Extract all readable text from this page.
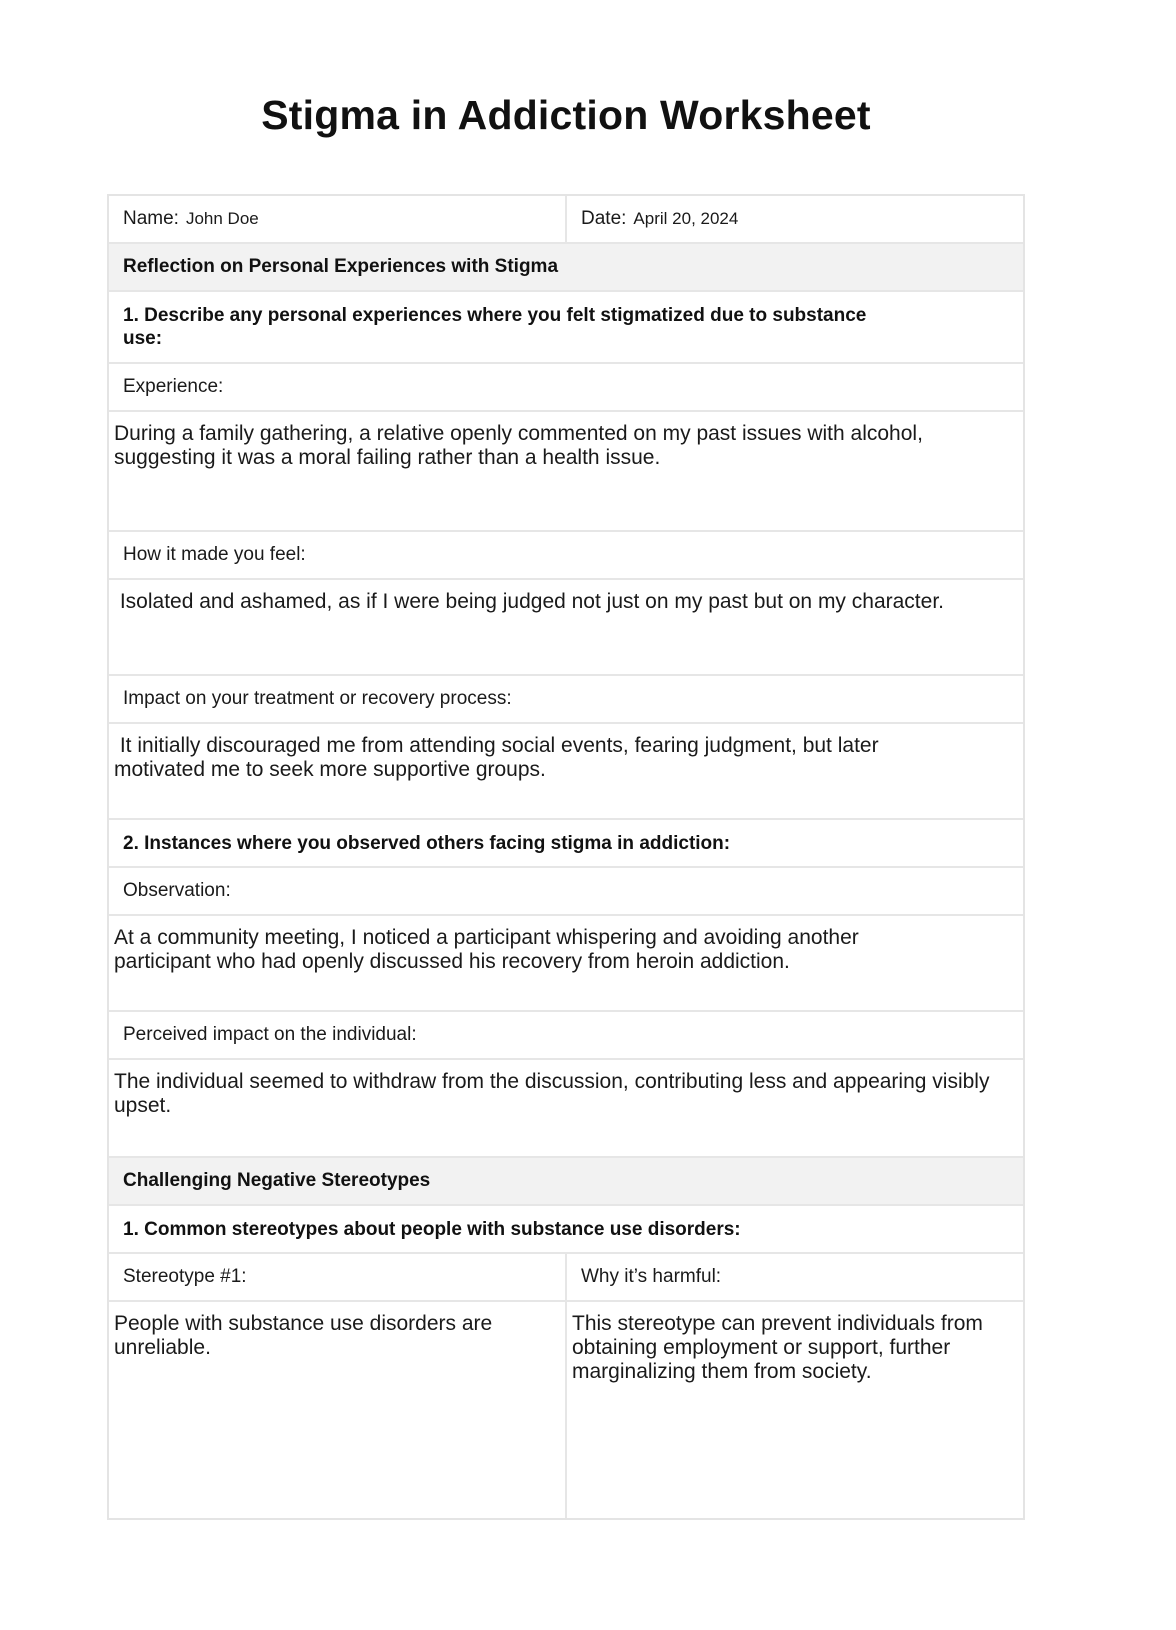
Stigma in Addiction Worksheet
Name: John Doe	Date: April 20, 2024
Reflection on Personal Experiences with Stigma
1. Describe any personal experiences where you felt stigmatized due to substance use:
Experience:
During a family gathering, a relative openly commented on my past issues with alcohol, suggesting it was a moral failing rather than a health issue.
How it made you feel:
Isolated and ashamed, as if I were being judged not just on my past but on my character.
Impact on your treatment or recovery process:
It initially discouraged me from attending social events, fearing judgment, but later motivated me to seek more supportive groups.
2. Instances where you observed others facing stigma in addiction:
Observation:
At a community meeting, I noticed a participant whispering and avoiding another participant who had openly discussed his recovery from heroin addiction.
Perceived impact on the individual:
The individual seemed to withdraw from the discussion, contributing less and appearing visibly upset.
Challenging Negative Stereotypes
1. Common stereotypes about people with substance use disorders:
Stereotype #1:	Why it’s harmful:
People with substance use disorders are unreliable.
This stereotype can prevent individuals from obtaining employment or support, further marginalizing them from society.
